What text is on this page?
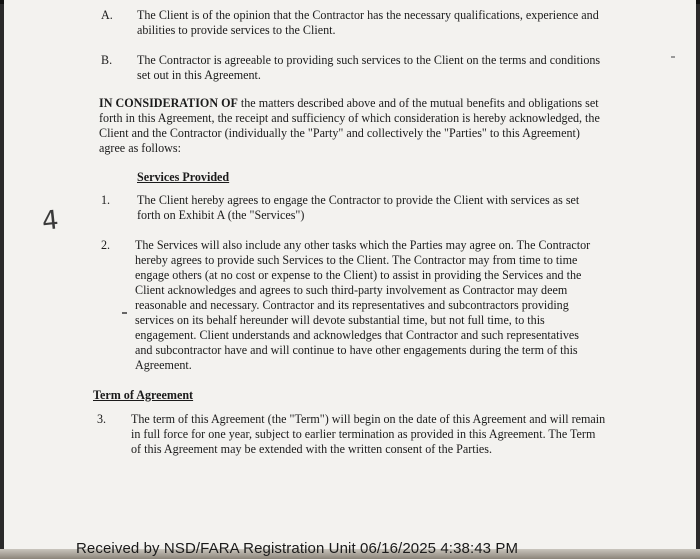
A. The Client is of the opinion that the Contractor has the necessary qualifications, experience and
abilities to provide services to the Client.
B. The Contractor is agreeable to providing such services to the Client on the terms and conditions
set out in this Agreement.
IN CONSIDERATION OF the matters described above and of the mutual benefits and obligations set
forth in this Agreement, the receipt and sufficiency of which consideration is hereby acknowledged, the
Client and the Contractor (individually the "Party" and collectively the "Parties" to this Agreement)
agree as follows:
Services Provided
1. The Client hereby agrees to engage the Contractor to provide the Client with services as set
forth on Exhibit A (the "Services")
2. The Services will also include any other tasks which the Parties may agree on. The Contractor
hereby agrees to provide such Services to the Client. The Contractor may from time to time
engage others (at no cost or expense to the Client) to assist in providing the Services and the
Client acknowledges and agrees to such third-party involvement as Contractor may deem
reasonable and necessary. Contractor and its representatives and subcontractors providing
services on its behalf hereunder will devote substantial time, but not full time, to this
engagement. Client understands and acknowledges that Contractor and such representatives
and subcontractor have and will continue to have other engagements during the term of this
Agreement.
Term of Agreement
3. The term of this Agreement (the "Term") will begin on the date of this Agreement and will remain
in full force for one year, subject to earlier termination as provided in this Agreement. The Term
of this Agreement may be extended with the written consent of the Parties.
4
Received by NSD/FARA Registration Unit 06/16/2025 4:38:43 PM
